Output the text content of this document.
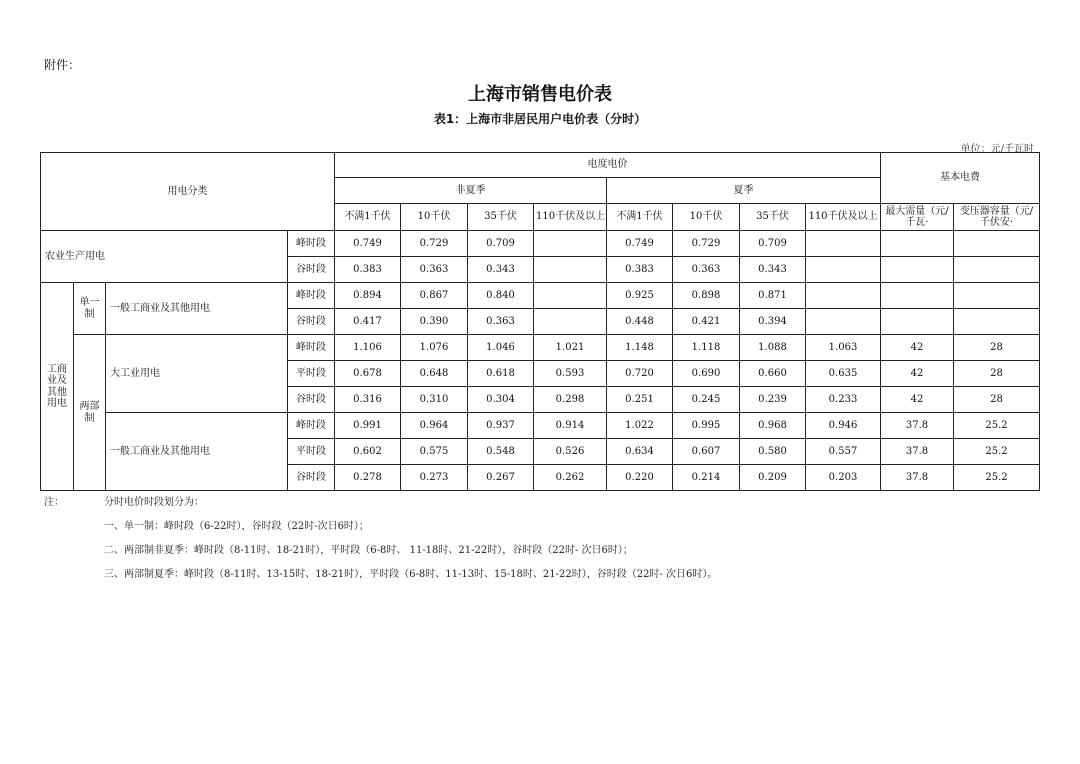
附件：
上海市销售电价表
表1：上海市非居民用户电价表（分时）
单位：元/千瓦时
用电分类				电度电价								基本电费	
				非夏季				夏季					
				不满1千伏	10千伏	35千伏	110千伏及以上	不满1千伏	10千伏	35千伏	110千伏及以上	最大需量（元/千瓦·	变压器容量（元/千伏安·
农业生产用电			峰时段	0.749	0.729	0.709		0.749	0.729	0.709			
			谷时段	0.383	0.363	0.343		0.383	0.363	0.343			
工商业及其他用电	单一制	一般工商业及其他用电	峰时段	0.894	0.867	0.840		0.925	0.898	0.871			
			谷时段	0.417	0.390	0.363		0.448	0.421	0.394			
	两部制	大工业用电	峰时段	1.106	1.076	1.046	1.021	1.148	1.118	1.088	1.063	42	28
			平时段	0.678	0.648	0.618	0.593	0.720	0.690	0.660	0.635	42	28
			谷时段	0.316	0.310	0.304	0.298	0.251	0.245	0.239	0.233	42	28
		一般工商业及其他用电	峰时段	0.991	0.964	0.937	0.914	1.022	0.995	0.968	0.946	37.8	25.2
			平时段	0.602	0.575	0.548	0.526	0.634	0.607	0.580	0.557	37.8	25.2
			谷时段	0.278	0.273	0.267	0.262	0.220	0.214	0.209	0.203	37.8	25.2
注：	分时电价时段划分为：
一、单一制：峰时段（6-22时），谷时段（22时-次日6时）；
二、两部制非夏季：峰时段（8-11时、18-21时），平时段（6-8时、 11-18时、21-22时），谷时段（22时- 次日6时）；
三、两部制夏季：峰时段（8-11时、13-15时、18-21时），平时段（6-8时、11-13时、15-18时、21-22时），谷时段（22时- 次日6时）。
